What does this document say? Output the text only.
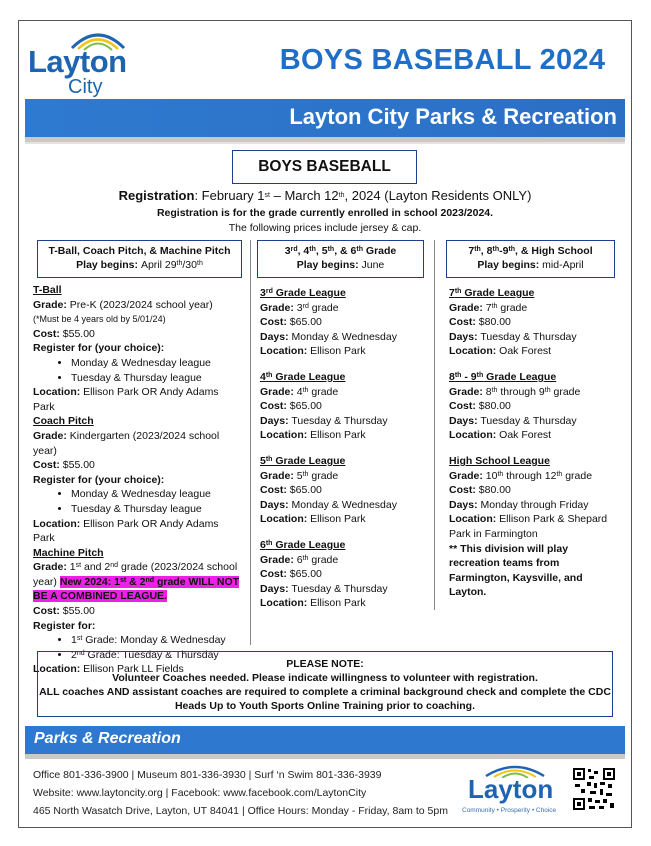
Layton
City
BOYS BASEBALL 2024
Layton City Parks & Recreation
BOYS BASEBALL
Registration: February 1st – March 12th, 2024 (Layton Residents ONLY)
Registration is for the grade currently enrolled in school 2023/2024.
The following prices include jersey & cap.
T-Ball, Coach Pitch, & Machine Pitch
Play begins: April 29th/30th
3rd, 4th, 5th, & 6th Grade
Play begins: June
7th, 8th-9th, & High School
Play begins: mid-April
T-Ball
Grade: Pre-K (2023/2024 school year)
(*Must be 4 years old by 5/01/24)
Cost: $55.00
Register for (your choice):
• Monday & Wednesday league
• Tuesday & Thursday league
Location: Ellison Park OR Andy Adams Park
Coach Pitch
Grade: Kindergarten (2023/2024 school year)
Cost: $55.00
Register for (your choice):
• Monday & Wednesday league
• Tuesday & Thursday league
Location: Ellison Park OR Andy Adams Park
Machine Pitch
Grade: 1st and 2nd grade (2023/2024 school year) New 2024: 1st & 2nd grade WILL NOT BE A COMBINED LEAGUE.
Cost: $55.00
Register for:
• 1st Grade: Monday & Wednesday
• 2nd Grade: Tuesday & Thursday
Location: Ellison Park LL Fields
3rd Grade League
Grade: 3rd grade
Cost: $65.00
Days: Monday & Wednesday
Location: Ellison Park
4th Grade League
Grade: 4th grade
Cost: $65.00
Days: Tuesday & Thursday
Location: Ellison Park
5th Grade League
Grade: 5th grade
Cost: $65.00
Days: Monday & Wednesday
Location: Ellison Park
6th Grade League
Grade: 6th grade
Cost: $65.00
Days: Tuesday & Thursday
Location: Ellison Park
7th Grade League
Grade: 7th grade
Cost: $80.00
Days: Tuesday & Thursday
Location: Oak Forest
8th - 9th Grade League
Grade: 8th through 9th grade
Cost: $80.00
Days: Tuesday & Thursday
Location: Oak Forest
High School League
Grade: 10th through 12th grade
Cost: $80.00
Days: Monday through Friday
Location: Ellison Park & Shepard Park in Farmington
** This division will play recreation teams from Farmington, Kaysville, and Layton.
PLEASE NOTE:
Volunteer Coaches needed. Please indicate willingness to volunteer with registration.
ALL coaches AND assistant coaches are required to complete a criminal background check and complete the CDC Heads Up to Youth Sports Online Training prior to coaching.
Parks & Recreation
Office 801-336-3900 | Museum 801-336-3930 | Surf ‘n Swim 801-336-3939
Website: www.laytoncity.org | Facebook: www.facebook.com/LaytonCity
465 North Wasatch Drive, Layton, UT 84041 | Office Hours: Monday - Friday, 8am to 5pm
Layton
Community • Prosperity • Choice
